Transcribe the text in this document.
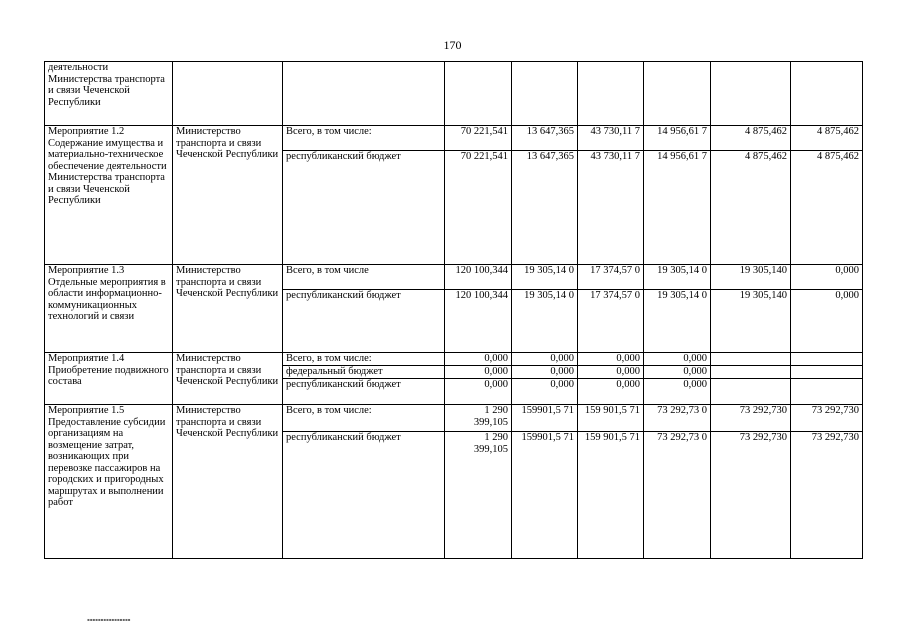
170
деятельности Министерства транспорта и связи Чеченской Республики								
Мероприятие 1.2 Содержание имущества и материально-техническое обеспечение деятельности Министерства транспорта и связи Чеченской Республики	Министерство транспорта и связи Чеченской Республики	Всего, в том числе:	70 221,541	13 647,365	43 730,11 7	14 956,61 7	4 875,462	4 875,462
		республиканский бюджет	70 221,541	13 647,365	43 730,11 7	14 956,61 7	4 875,462	4 875,462
Мероприятие 1.3 Отдельные мероприятия в области информационно-коммуникационных технологий и связи	Министерство транспорта и связи Чеченской Республики	Всего, в том числе	120 100,344	19 305,14 0	17 374,57 0	19 305,14 0	19 305,140	0,000
		республиканский бюджет	120 100,344	19 305,14 0	17 374,57 0	19 305,14 0	19 305,140	0,000
Мероприятие 1.4 Приобретение подвижного состава	Министерство транспорта и связи Чеченской Республики	Всего, в том числе:	0,000	0,000	0,000	0,000		
		федеральный бюджет	0,000	0,000	0,000	0,000		
		республиканский бюджет	0,000	0,000	0,000	0,000		
Мероприятие 1.5 Предоставление субсидии организациям на возмещение затрат, возникающих при перевозке пассажиров на городских и пригородных маршрутах и выполнении работ	Министерство транспорта и связи Чеченской Республики	Всего, в том числе:	1 290 399,105	159901,5 71	159 901,5 71	73 292,73 0	73 292,730	73 292,730
		республиканский бюджет	1 290 399,105	159901,5 71	159 901,5 71	73 292,73 0	73 292,730	73 292,730
▪▪▪▪▪▪▪▪▪▪▪▪▪▪▪▪
